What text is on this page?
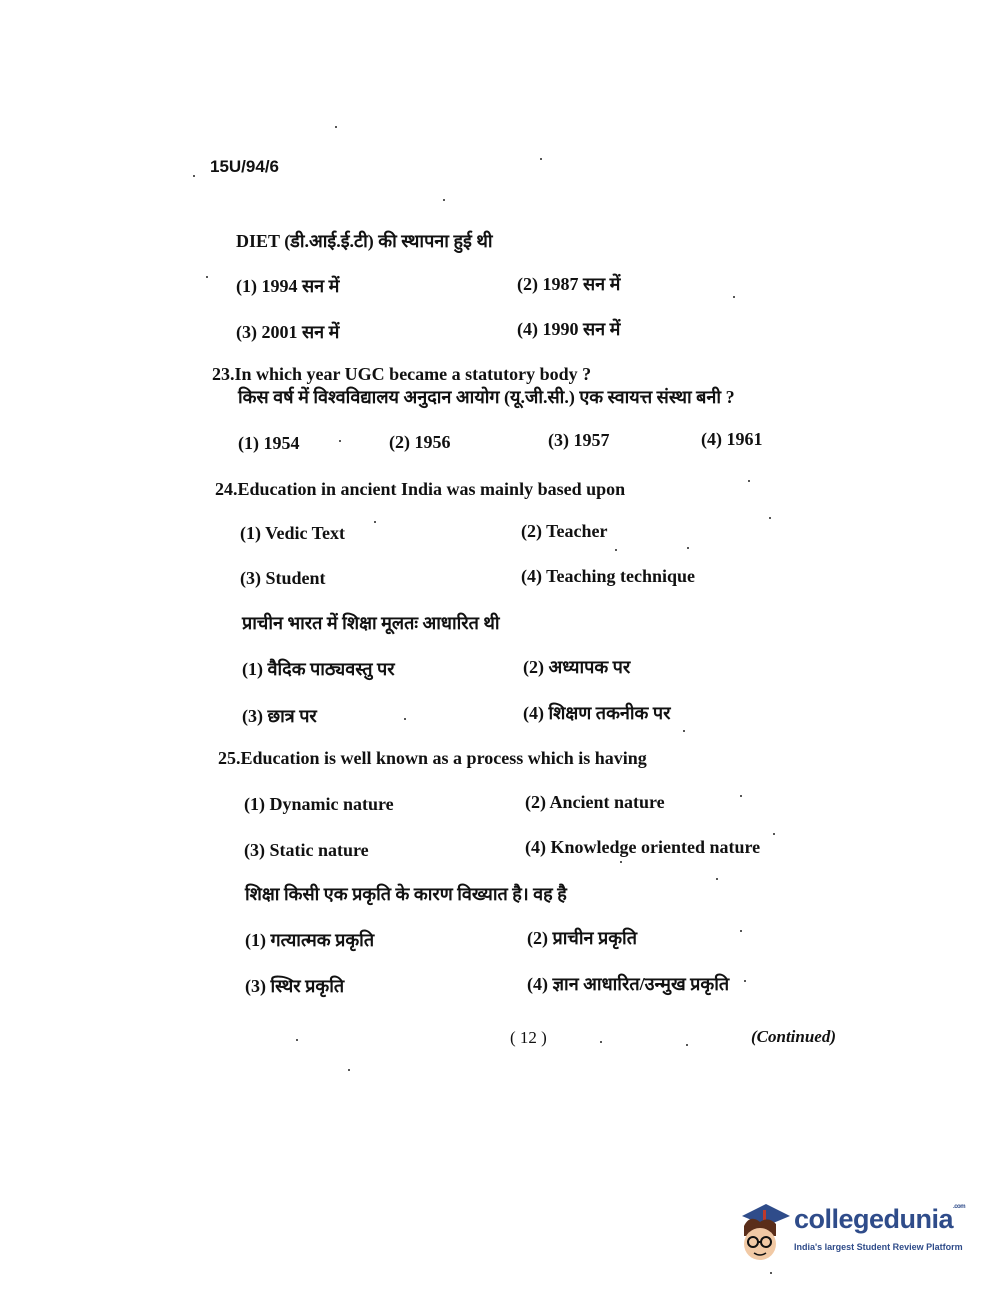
15U/94/6
DIET (डी.आई.ई.टी) की स्थापना हुई थी
(1) 1994 सन में	(2) 1987 सन में
(3) 2001 सन में	(4) 1990 सन में
23.In which year UGC became a statutory body ?
किस वर्ष में विश्वविद्यालय अनुदान आयोग (यू.जी.सी.) एक स्वायत्त संस्था बनी ?
(1) 1954	(2) 1956	(3) 1957	(4) 1961
24.Education in ancient India was mainly based upon
(1) Vedic Text	(2) Teacher
(3) Student	(4) Teaching technique
प्राचीन भारत में शिक्षा मूलतः आधारित थी
(1) वैदिक पाठ्यवस्तु पर	(2) अध्यापक पर
(3) छात्र पर	(4) शिक्षण तकनीक पर
25.Education is well known as a process which is having
(1) Dynamic nature	(2) Ancient nature
(3) Static nature	(4) Knowledge oriented nature
शिक्षा किसी एक प्रकृति के कारण विख्यात है। वह है
(1) गत्यात्मक प्रकृति	(2) प्राचीन प्रकृति
(3) स्थिर प्रकृति	(4) ज्ञान आधारित/उन्मुख प्रकृति
( 12 )	(Continued)
collegedunia$^{.com}$
India's largest Student Review Platform
